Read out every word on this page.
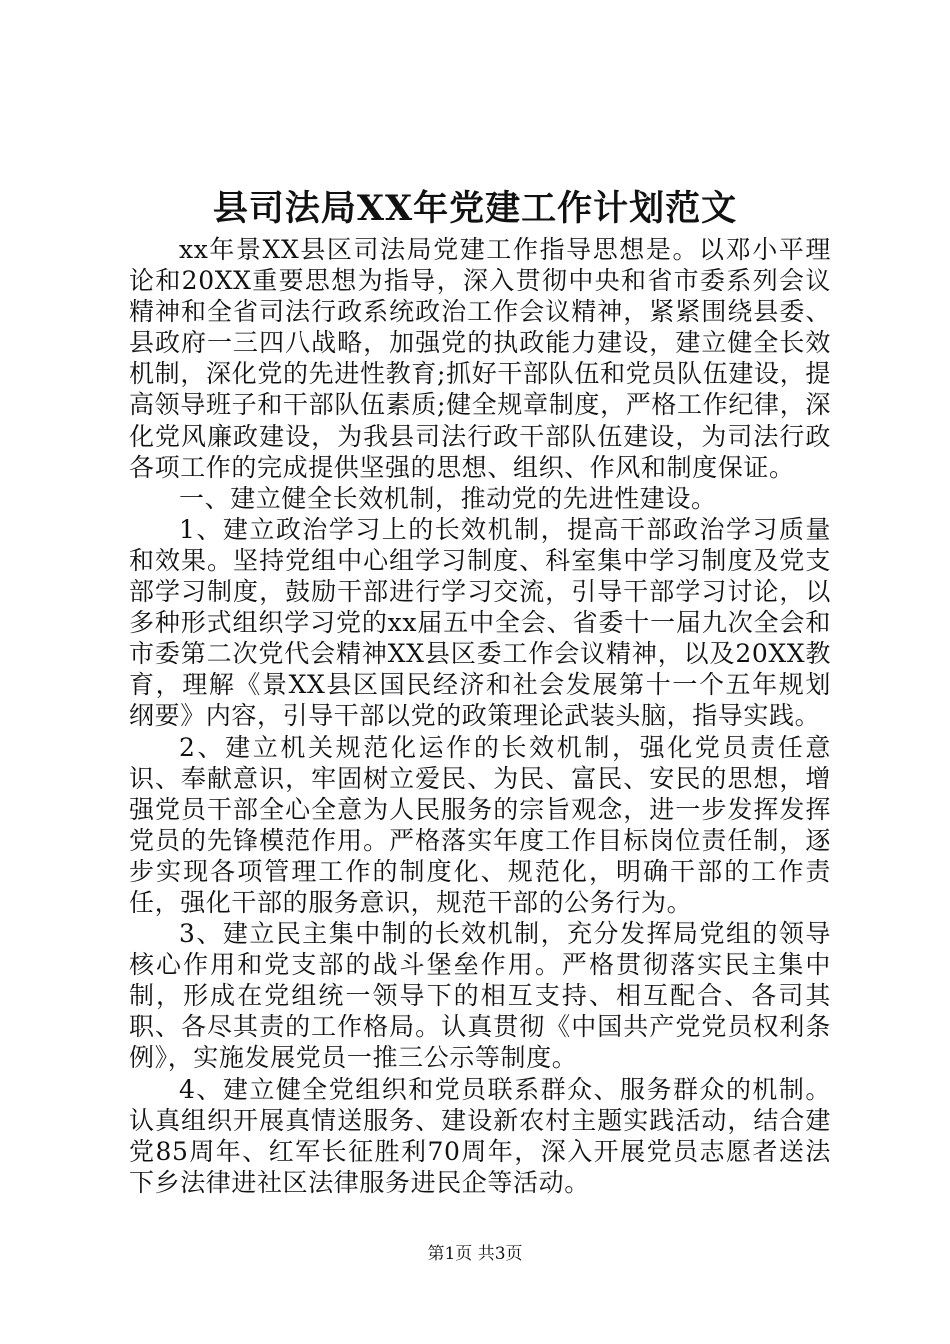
县司法局XX年党建工作计划范文

xx年景XX县区司法局党建工作指导思想是。以邓小平理论和20XX重要思想为指导，深入贯彻中央和省市委系列会议精神和全省司法行政系统政治工作会议精神，紧紧围绕县委、县政府一三四八战略，加强党的执政能力建设，建立健全长效机制，深化党的先进性教育;抓好干部队伍和党员队伍建设，提高领导班子和干部队伍素质;健全规章制度，严格工作纪律，深化党风廉政建设，为我县司法行政干部队伍建设，为司法行政各项工作的完成提供坚强的思想、组织、作风和制度保证。

一、建立健全长效机制，推动党的先进性建设。

1、建立政治学习上的长效机制，提高干部政治学习质量和效果。坚持党组中心组学习制度、科室集中学习制度及党支部学习制度，鼓励干部进行学习交流，引导干部学习讨论，以多种形式组织学习党的xx届五中全会、省委十一届九次全会和市委第二次党代会精神XX县区委工作会议精神，以及20XX教育，理解《景XX县区国民经济和社会发展第十一个五年规划纲要》内容，引导干部以党的政策理论武装头脑，指导实践。

2、建立机关规范化运作的长效机制，强化党员责任意识、奉献意识，牢固树立爱民、为民、富民、安民的思想，增强党员干部全心全意为人民服务的宗旨观念，进一步发挥发挥党员的先锋模范作用。严格落实年度工作目标岗位责任制，逐步实现各项管理工作的制度化、规范化，明确干部的工作责任，强化干部的服务意识，规范干部的公务行为。

3、建立民主集中制的长效机制，充分发挥局党组的领导核心作用和党支部的战斗堡垒作用。严格贯彻落实民主集中制，形成在党组统一领导下的相互支持、相互配合、各司其职、各尽其责的工作格局。认真贯彻《中国共产党党员权利条例》，实施发展党员一推三公示等制度。

4、建立健全党组织和党员联系群众、服务群众的机制。认真组织开展真情送服务、建设新农村主题实践活动，结合建党85周年、红军长征胜利70周年，深入开展党员志愿者送法下乡法律进社区法律服务进民企等活动。

第1页 共3页
